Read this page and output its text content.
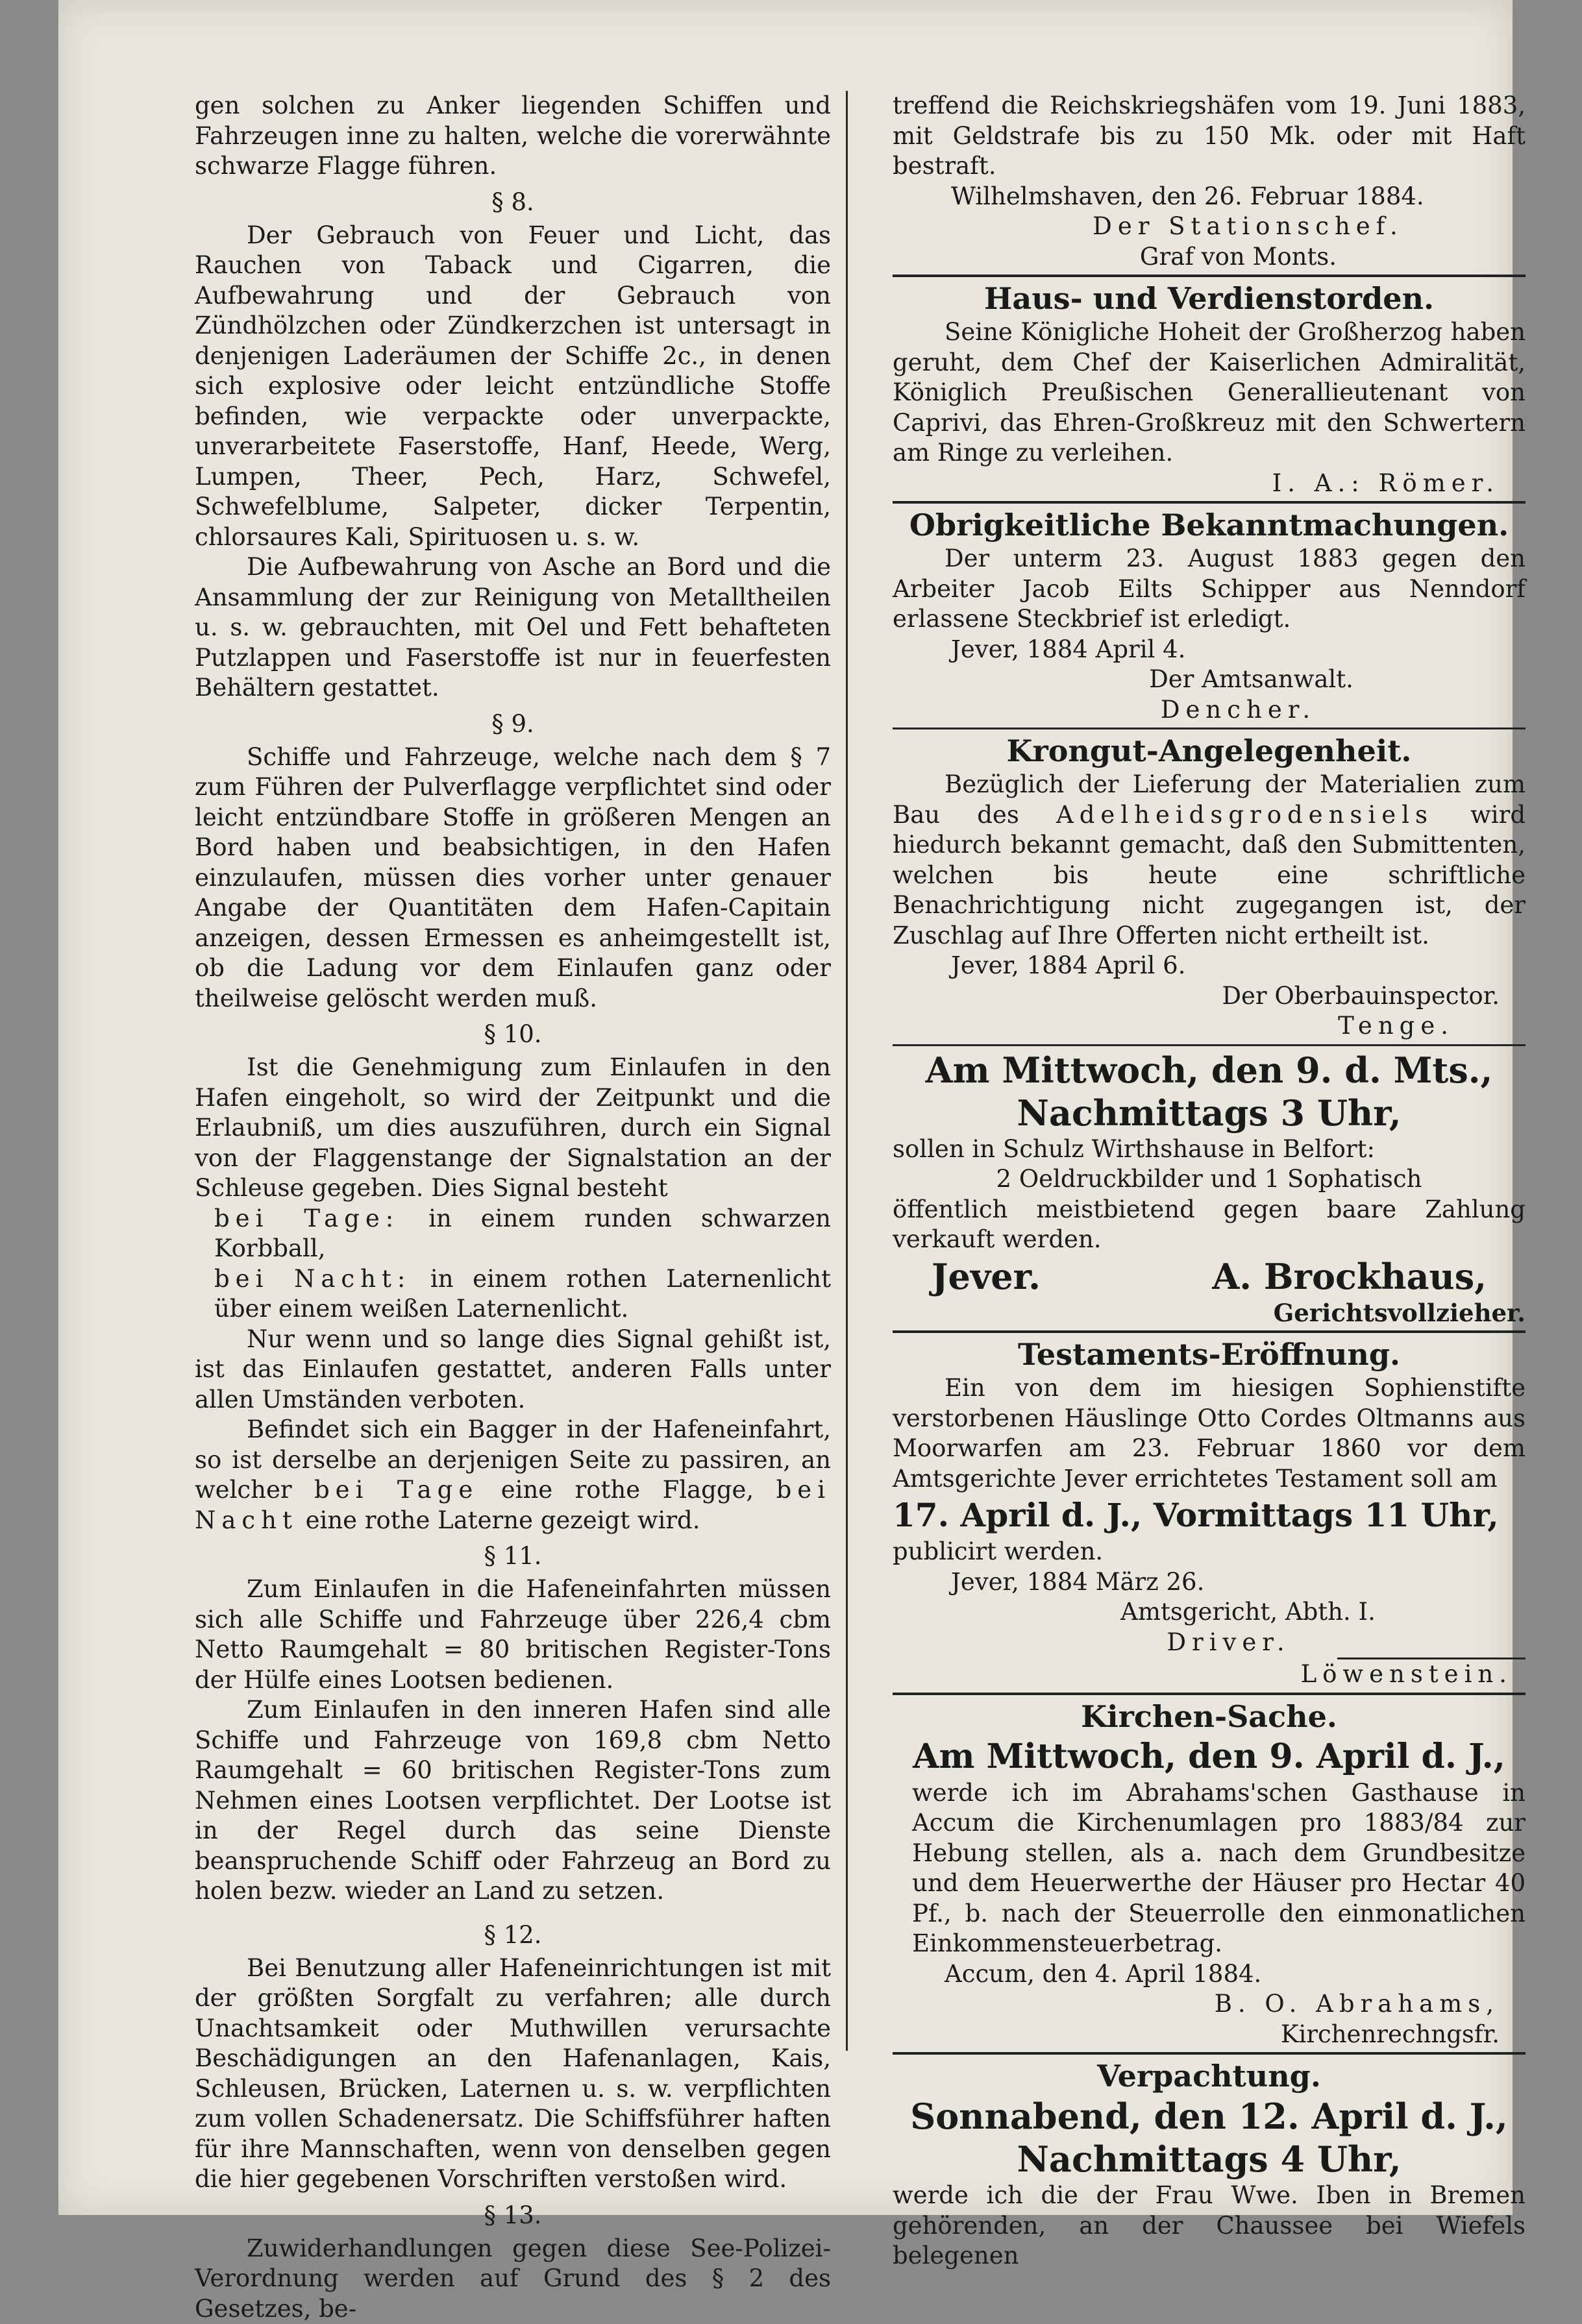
gen solchen zu Anker liegenden Schiffen und Fahrzeugen inne zu halten, welche die vorerwähnte schwarze Flagge führen.

§ 8.

Der Gebrauch von Feuer und Licht, das Rauchen von Taback und Cigarren, die Aufbewahrung und der Gebrauch von Zündhölzchen oder Zündkerzchen ist untersagt in denjenigen Laderäumen der Schiffe 2c., in denen sich explosive oder leicht entzündliche Stoffe befinden, wie verpackte oder unverpackte, unverarbeitete Faserstoffe, Hanf, Heede, Werg, Lumpen, Theer, Pech, Harz, Schwefel, Schwefelblume, Salpeter, dicker Terpentin, chlorsaures Kali, Spirituosen u. s. w.

Die Aufbewahrung von Asche an Bord und die Ansammlung der zur Reinigung von Metalltheilen u. s. w. gebrauchten, mit Oel und Fett behafteten Putzlappen und Faserstoffe ist nur in feuerfesten Behältern gestattet.

§ 9.

Schiffe und Fahrzeuge, welche nach dem § 7 zum Führen der Pulverflagge verpflichtet sind oder leicht entzündbare Stoffe in größeren Mengen an Bord haben und beabsichtigen, in den Hafen einzulaufen, müssen dies vorher unter genauer Angabe der Quantitäten dem Hafen-Capitain anzeigen, dessen Ermessen es anheimgestellt ist, ob die Ladung vor dem Einlaufen ganz oder theilweise gelöscht werden muß.

§ 10.

Ist die Genehmigung zum Einlaufen in den Hafen eingeholt, so wird der Zeitpunkt und die Erlaubniß, um dies auszuführen, durch ein Signal von der Flaggenstange der Signalstation an der Schleuse gegeben. Dies Signal besteht

bei Tage: in einem runden schwarzen Korbball,

bei Nacht: in einem rothen Laternenlicht über einem weißen Laternenlicht.

Nur wenn und so lange dies Signal gehißt ist, ist das Einlaufen gestattet, anderen Falls unter allen Umständen verboten.

Befindet sich ein Bagger in der Hafeneinfahrt, so ist derselbe an derjenigen Seite zu passiren, an welcher bei Tage eine rothe Flagge, bei Nacht eine rothe Laterne gezeigt wird.

§ 11.

Zum Einlaufen in die Hafeneinfahrten müssen sich alle Schiffe und Fahrzeuge über 226,4 cbm Netto Raumgehalt = 80 britischen Register-Tons der Hülfe eines Lootsen bedienen.

Zum Einlaufen in den inneren Hafen sind alle Schiffe und Fahrzeuge von 169,8 cbm Netto Raumgehalt = 60 britischen Register-Tons zum Nehmen eines Lootsen verpflichtet. Der Lootse ist in der Regel durch das seine Dienste beanspruchende Schiff oder Fahrzeug an Bord zu holen bezw. wieder an Land zu setzen.

§ 12.

Bei Benutzung aller Hafeneinrichtungen ist mit der größten Sorgfalt zu verfahren; alle durch Unachtsamkeit oder Muthwillen verursachte Beschädigungen an den Hafenanlagen, Kais, Schleusen, Brücken, Laternen u. s. w. verpflichten zum vollen Schadenersatz. Die Schiffsführer haften für ihre Mannschaften, wenn von denselben gegen die hier gegebenen Vorschriften verstoßen wird.

§ 13.

Zuwiderhandlungen gegen diese See-Polizei-Verordnung werden auf Grund des § 2 des Gesetzes, be-

treffend die Reichskriegshäfen vom 19. Juni 1883, mit Geldstrafe bis zu 150 Mk. oder mit Haft bestraft.

Wilhelmshaven, den 26. Februar 1884.

Der Stationschef.

Graf von Monts.

Haus- und Verdienstorden.

Seine Königliche Hoheit der Großherzog haben geruht, dem Chef der Kaiserlichen Admiralität, Königlich Preußischen Generallieutenant von Caprivi, das Ehren-Großkreuz mit den Schwertern am Ringe zu verleihen.

I. A.: Römer.

Obrigkeitliche Bekanntmachungen.

Der unterm 23. August 1883 gegen den Arbeiter Jacob Eilts Schipper aus Nenndorf erlassene Steckbrief ist erledigt.

Jever, 1884 April 4.

Der Amtsanwalt.

Dencher.

Krongut-Angelegenheit.

Bezüglich der Lieferung der Materialien zum Bau des Adelheidsgrodensiels wird hiedurch bekannt gemacht, daß den Submittenten, welchen bis heute eine schriftliche Benachrichtigung nicht zugegangen ist, der Zuschlag auf Ihre Offerten nicht ertheilt ist.

Jever, 1884 April 6.

Der Oberbauinspector.

Tenge.

Am Mittwoch, den 9. d. Mts.,

Nachmittags 3 Uhr,

sollen in Schulz Wirthshause in Belfort:

2 Oeldruckbilder und 1 Sophatisch

öffentlich meistbietend gegen baare Zahlung verkauft werden.

Jever.	A. Brockhaus,

Gerichtsvollzieher.

Testaments-Eröffnung.

Ein von dem im hiesigen Sophienstifte verstorbenen Häuslinge Otto Cordes Oltmanns aus Moorwarfen am 23. Februar 1860 vor dem Amtsgerichte Jever errichtetes Testament soll am

17. April d. J., Vormittags 11 Uhr,

publicirt werden.

Jever, 1884 März 26.

Amtsgericht, Abth. I.

Driver.

Löwenstein.

Kirchen-Sache.

Am Mittwoch, den 9. April d. J.,

werde ich im Abrahams'schen Gasthause in Accum die Kirchenumlagen pro 1883/84 zur Hebung stellen, als a. nach dem Grundbesitze und dem Heuerwerthe der Häuser pro Hectar 40 Pf., b. nach der Steuerrolle den einmonatlichen Einkommensteuerbetrag.

Accum, den 4. April 1884.

B. O. Abrahams,

Kirchenrechngsfr.

Verpachtung.

Sonnabend, den 12. April d. J.,

Nachmittags 4 Uhr,

werde ich die der Frau Wwe. Iben in Bremen gehörenden, an der Chaussee bei Wiefels belegenen
